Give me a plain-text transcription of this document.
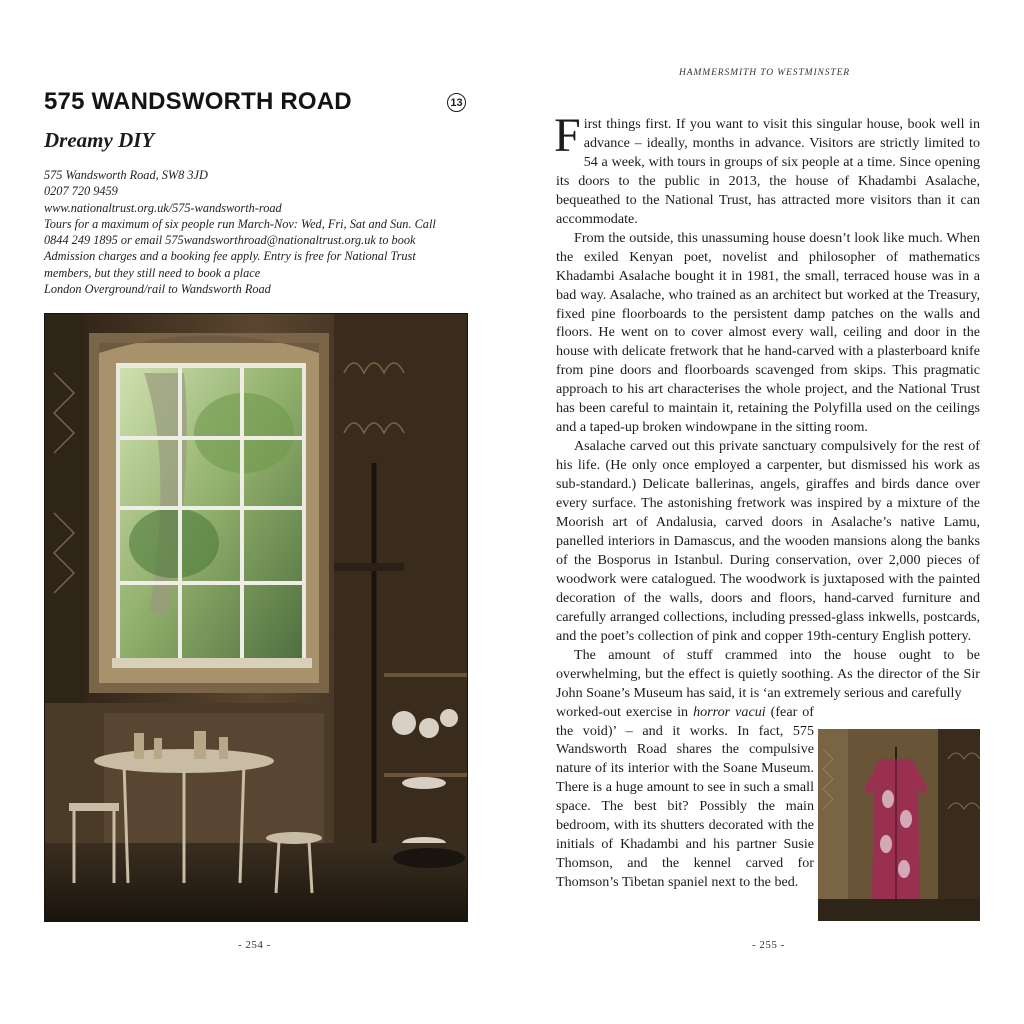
575 WANDSWORTH ROAD	13
Dreamy DIY
575 Wandsworth Road, SW8 3JD
0207 720 9459
www.nationaltrust.org.uk/575-wandsworth-road
Tours for a maximum of six people run March-Nov: Wed, Fri, Sat and Sun. Call
0844 249 1895 or email 575wandsworthroad@nationaltrust.org.uk to book
Admission charges and a booking fee apply. Entry is free for National Trust
members, but they still need to book a place
London Overground/rail to Wandsworth Road
- 254 -
HAMMERSMITH TO WESTMINSTER

First things first. If you want to visit this singular house, book well in advance – ideally, months in advance. Visitors are strictly limited to 54 a week, with tours in groups of six people at a time. Since opening its doors to the public in 2013, the house of Khadambi Asalache, bequeathed to the National Trust, has attracted more visitors than it can accommodate.

From the outside, this unassuming house doesn’t look like much. When the exiled Kenyan poet, novelist and philosopher of mathematics Khadambi Asalache bought it in 1981, the small, terraced house was in a bad way. Asalache, who trained as an architect but worked at the Treasury, fixed pine floorboards to the persistent damp patches on the walls and floors. He went on to cover almost every wall, ceiling and door in the house with delicate fretwork that he hand-carved with a plasterboard knife from pine doors and floorboards scavenged from skips. This pragmatic approach to his art characterises the whole project, and the National Trust has been careful to maintain it, retaining the Polyfilla used on the ceilings and a taped-up broken windowpane in the sitting room.

Asalache carved out this private sanctuary compulsively for the rest of his life. (He only once employed a carpenter, but dismissed his work as sub-standard.) Delicate ballerinas, angels, giraffes and birds dance over every surface. The astonishing fretwork was inspired by a mixture of the Moorish art of Andalusia, carved doors in Asalache’s native Lamu, panelled interiors in Damascus, and the wooden mansions along the banks of the Bosporus in Istanbul. During conservation, over 2,000 pieces of woodwork were catalogued. The woodwork is juxtaposed with the painted decoration of the walls, doors and floors, hand-carved furniture and carefully arranged collections, including pressed-glass inkwells, postcards, and the poet’s collection of pink and copper 19th-century English pottery.

The amount of stuff crammed into the house ought to be overwhelming, but the effect is quietly soothing. As the director of the Sir John Soane’s Museum has said, it is ‘an extremely serious and carefully

worked-out exercise in horror vacui (fear of the void)’ – and it works. In fact, 575 Wandsworth Road shares the compulsive nature of its interior with the Soane Museum. There is a huge amount to see in such a small space. The best bit? Possibly the main bedroom, with its shutters decorated with the initials of Khadambi and his partner Susie Thomson, and the kennel carved for Thomson’s Tibetan spaniel next to the bed.

- 255 -
